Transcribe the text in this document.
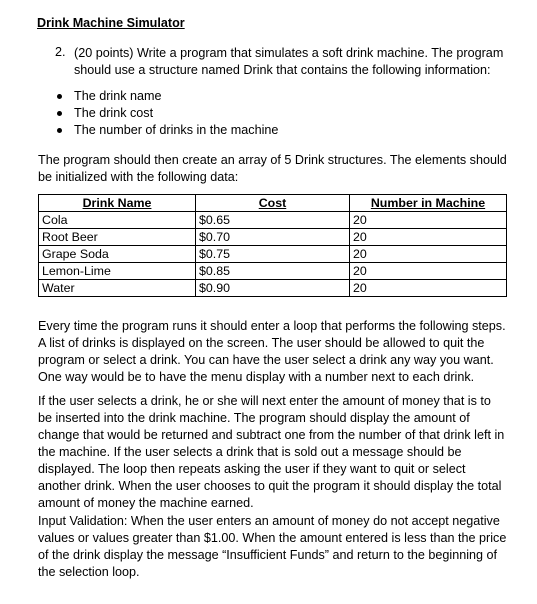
Drink Machine Simulator
2. (20 points) Write a program that simulates a soft drink machine. The program should use a structure named Drink that contains the following information:
The drink name
The drink cost
The number of drinks in the machine

The program should then create an array of 5 Drink structures. The elements should be initialized with the following data:

Drink Name	Cost	Number in Machine
Cola	$0.65	20
Root Beer	$0.70	20
Grape Soda	$0.75	20
Lemon-Lime	$0.85	20
Water	$0.90	20

Every time the program runs it should enter a loop that performs the following steps. A list of drinks is displayed on the screen. The user should be allowed to quit the program or select a drink. You can have the user select a drink any way you want. One way would be to have the menu display with a number next to each drink.

If the user selects a drink, he or she will next enter the amount of money that is to be inserted into the drink machine. The program should display the amount of change that would be returned and subtract one from the number of that drink left in the machine. If the user selects a drink that is sold out a message should be displayed. The loop then repeats asking the user if they want to quit or select another drink. When the user chooses to quit the program it should display the total amount of money the machine earned.

Input Validation: When the user enters an amount of money do not accept negative values or values greater than $1.00. When the amount entered is less than the price of the drink display the message “Insufficient Funds” and return to the beginning of the selection loop.
